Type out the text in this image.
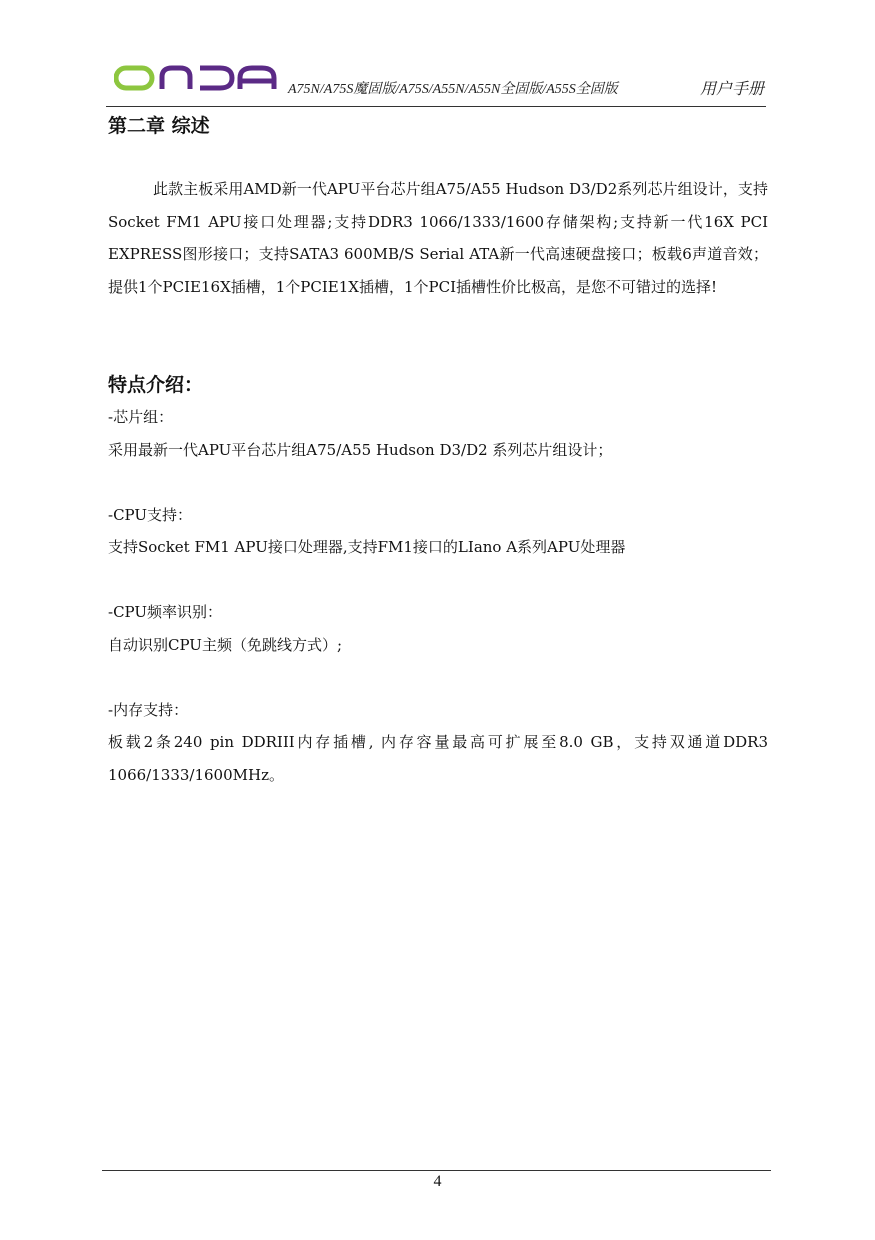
A75N/A75S魔固版/A75S/A55N/A55N全固版/A55S全固版	用户手册
第二章 综述

此款主板采用AMD新一代APU平台芯片组A75/A55 Hudson D3/D2系列芯片组设计，支持Socket FM1 APU接口处理器;支持DDR3 1066/1333/1600存储架构;支持新一代16X PCI EXPRESS图形接口；支持SATA3 600MB/S Serial ATA新一代高速硬盘接口；板载6声道音效；提供1个PCIE16X插槽，1个PCIE1X插槽，1个PCI插槽性价比极高，是您不可错过的选择!

特点介绍：

-芯片组：

采用最新一代APU平台芯片组A75/A55 Hudson D3/D2 系列芯片组设计；

-CPU支持：

支持Socket FM1 APU接口处理器,支持FM1接口的LIano A系列APU处理器

-CPU频率识别：

自动识别CPU主频（免跳线方式）;

-内存支持：

板载2条240 pin DDRIII内存插槽, 内存容量最高可扩展至8.0 GB，支持双通道DDR3 1066/1333/1600MHz。

4
